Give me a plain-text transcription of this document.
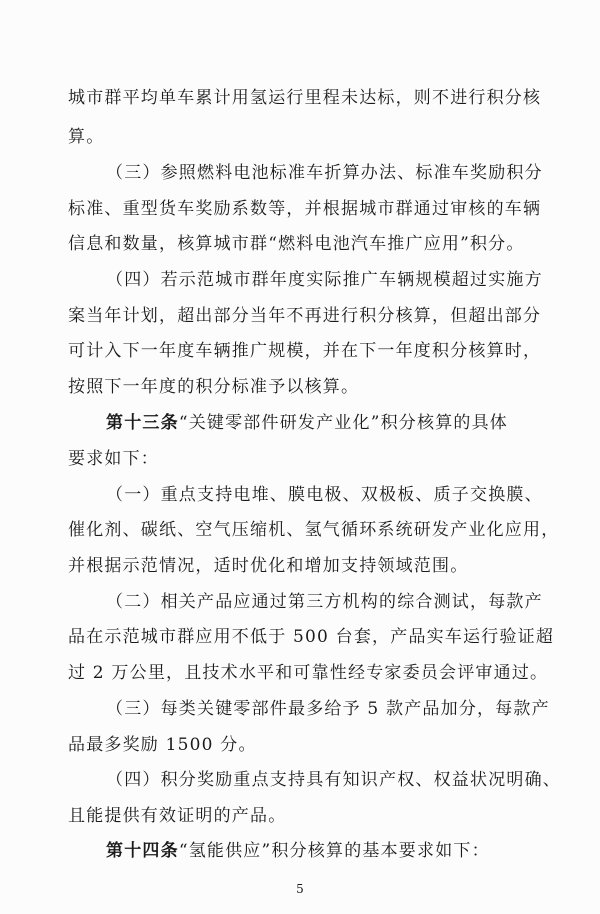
城市群平均单车累计用氢运行里程未达标，则不进行积分核
算。
（三）参照燃料电池标准车折算办法、标准车奖励积分
标准、重型货车奖励系数等，并根据城市群通过审核的车辆
信息和数量，核算城市群“燃料电池汽车推广应用”积分。
（四）若示范城市群年度实际推广车辆规模超过实施方
案当年计划，超出部分当年不再进行积分核算，但超出部分
可计入下一年度车辆推广规模，并在下一年度积分核算时，
按照下一年度的积分标准予以核算。
第十三条“关键零部件研发产业化”积分核算的具体
要求如下：
（一）重点支持电堆、膜电极、双极板、质子交换膜、
催化剂、碳纸、空气压缩机、氢气循环系统研发产业化应用，
并根据示范情况，适时优化和增加支持领域范围。
（二）相关产品应通过第三方机构的综合测试，每款产
品在示范城市群应用不低于 500 台套，产品实车运行验证超
过 2 万公里，且技术水平和可靠性经专家委员会评审通过。
（三）每类关键零部件最多给予 5 款产品加分，每款产
品最多奖励 1500 分。
（四）积分奖励重点支持具有知识产权、权益状况明确、
且能提供有效证明的产品。
第十四条“氢能供应”积分核算的基本要求如下：
5
